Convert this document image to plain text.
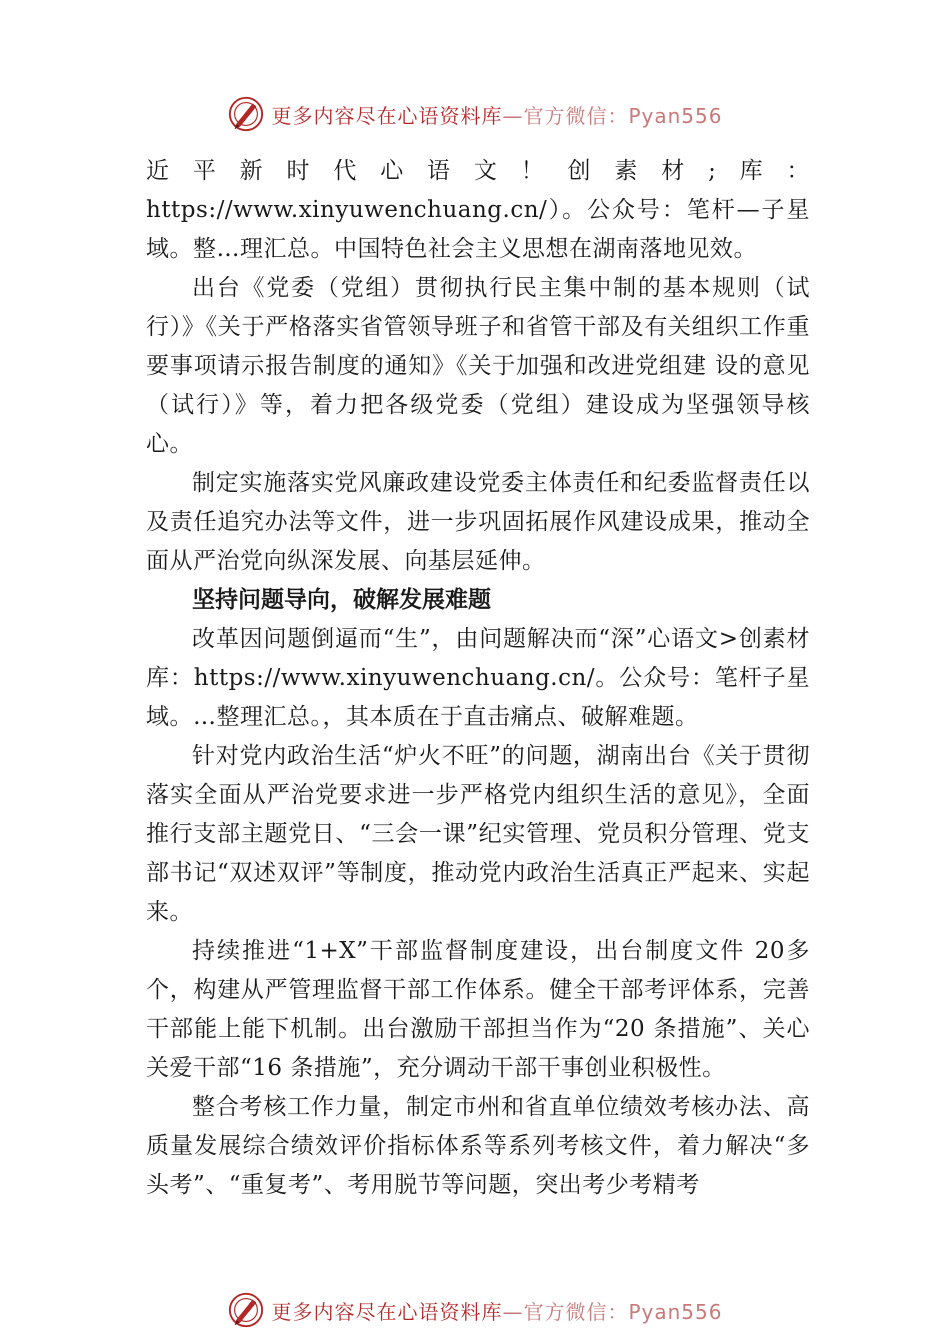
更多内容尽在心语资料库—官方微信：Pyan556

近平新时代心语文！创素材;库：https://www.xinyuwenchuang.cn/）。公众号：笔杆—子星域。整…理汇总。中国特色社会主义思想在湖南落地见效。

出台《党委（党组）贯彻执行民主集中制的基本规则（试行）》《关于严格落实省管领导班子和省管干部及有关组织工作重要事项请示报告制度的通知》《关于加强和改进党组建 设的意见（试行）》等，着力把各级党委（党组）建设成为坚强领导核心。

制定实施落实党风廉政建设党委主体责任和纪委监督责任以及责任追究办法等文件，进一步巩固拓展作风建设成果，推动全面从严治党向纵深发展、向基层延伸。

坚持问题导向，破解发展难题

改革因问题倒逼而“生”，由问题解决而“深”心语文>创素材库：https://www.xinyuwenchuang.cn/。公众号：笔杆子星域。…整理汇总。，其本质在于直击痛点、破解难题。

针对党内政治生活“炉火不旺”的问题，湖南出台《关于贯彻落实全面从严治党要求进一步严格党内组织生活的意见》，全面推行支部主题党日、“三会一课”纪实管理、党员积分管理、党支部书记“双述双评”等制度，推动党内政治生活真正严起来、实起来。

持续推进“1+X”干部监督制度建设，出台制度文件 20多个，构建从严管理监督干部工作体系。健全干部考评体系，完善干部能上能下机制。出台激励干部担当作为“20 条措施”、关心关爱干部“16 条措施”，充分调动干部干事创业积极性。

整合考核工作力量，制定市州和省直单位绩效考核办法、高质量发展综合绩效评价指标体系等系列考核文件，着力解决“多头考”、“重复考”、考用脱节等问题，突出考少考精考

更多内容尽在心语资料库—官方微信：Pyan556
